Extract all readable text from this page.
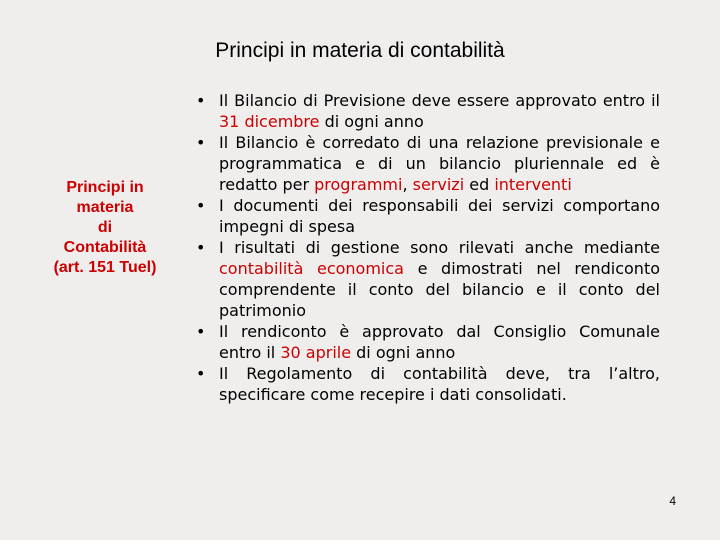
Principi in materia di contabilità
Principi in
materia
di
Contabilità
(art. 151 Tuel)
• Il Bilancio di Previsione deve essere approvato entro il 31 dicembre di ogni anno
• Il Bilancio è corredato di una relazione previsionale e programmatica e di un bilancio pluriennale ed è redatto per programmi, servizi ed interventi
• I documenti dei responsabili dei servizi comportano impegni di spesa
• I risultati di gestione sono rilevati anche mediante contabilità economica e dimostrati nel rendiconto comprendente il conto del bilancio e il conto del patrimonio
• Il rendiconto è approvato dal Consiglio Comunale entro il 30 aprile di ogni anno
• Il Regolamento di contabilità deve, tra l’altro, specificare come recepire i dati consolidati.
4
